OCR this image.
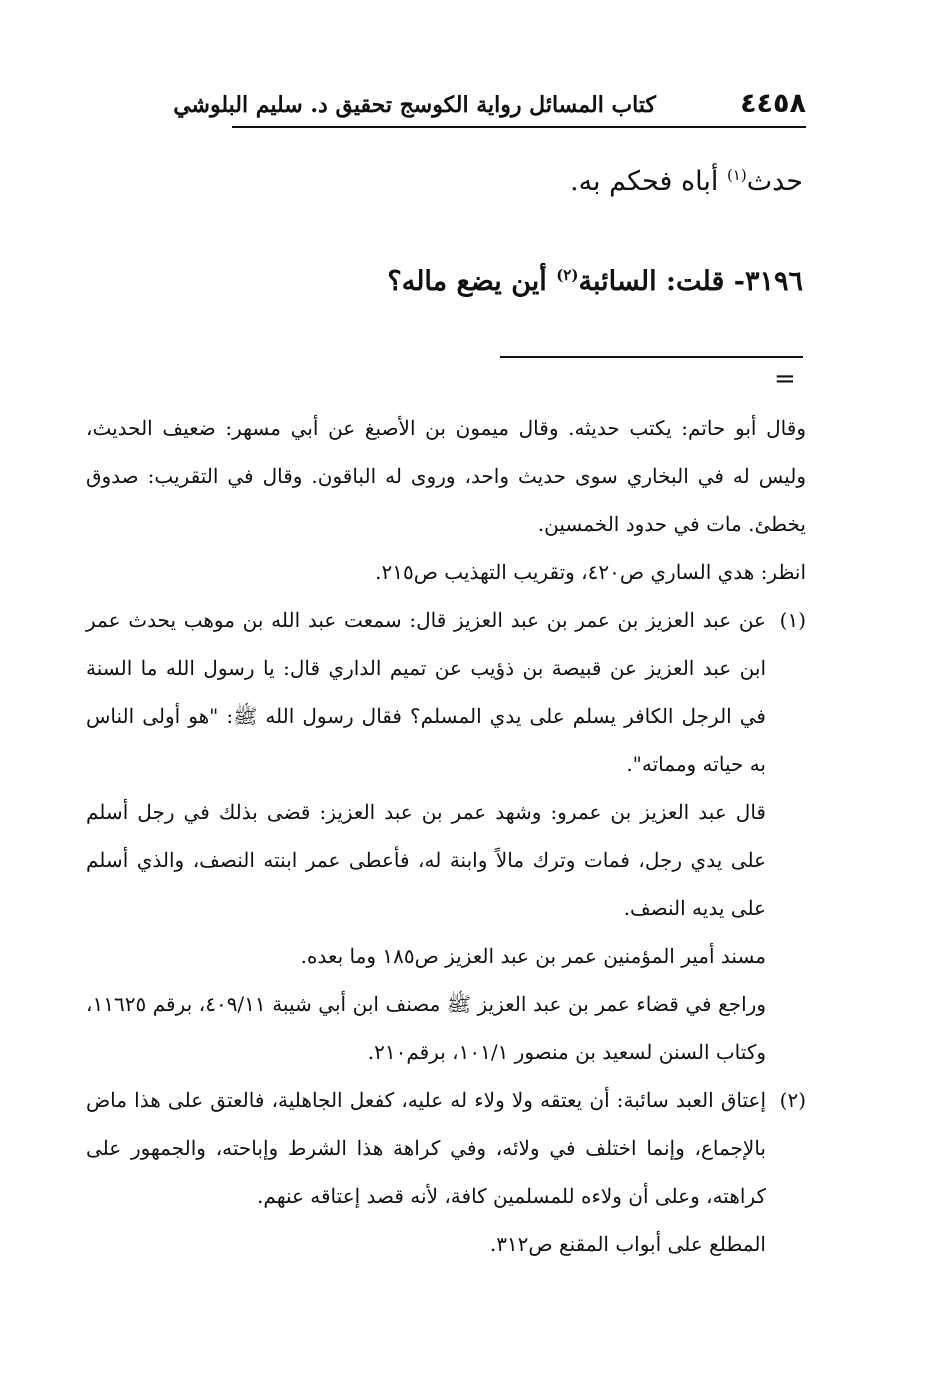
٤٤٥٨
كتاب المسائل رواية الكوسج تحقيق د. سليم البلوشي
حدث$^{(١)}$ أباه فحكم به.
٣١٩٦- قلت: السائبة$^{(٢)}$ أين يضع ماله؟
=

وقال أبو حاتم: يكتب حديثه. وقال ميمون بن الأصبغ عن أبي مسهر: ضعيف الحديث، وليس له في البخاري سوى حديث واحد، وروى له الباقون. وقال في التقريب: صدوق يخطئ. مات في حدود الخمسين.

انظر: هدي الساري ص٤٢٠، وتقريب التهذيب ص٢١٥.

(١)
عن عبد العزيز بن عمر بن عبد العزيز قال: سمعت عبد الله بن موهب يحدث عمر ابن عبد العزيز عن قبيصة بن ذؤيب عن تميم الداري قال: يا رسول الله ما السنة في الرجل الكافر يسلم على يدي المسلم؟ فقال رسول الله ﷺ: "هو أولى الناس به حياته ومماته".

قال عبد العزيز بن عمرو: وشهد عمر بن عبد العزيز: قضى بذلك في رجل أسلم على يدي رجل، فمات وترك مالاً وابنة له، فأعطى عمر ابنته النصف، والذي أسلم على يديه النصف.

مسند أمير المؤمنين عمر بن عبد العزيز ص١٨٥ وما بعده.

وراجع في قضاء عمر بن عبد العزيز ﷺ مصنف ابن أبي شيبة ٤٠٩/١١، برقم ١١٦٢٥، وكتاب السنن لسعيد بن منصور ١٠١/١، برقم٢١٠.

(٢)
إعتاق العبد سائبة: أن يعتقه ولا ولاء له عليه، كفعل الجاهلية، فالعتق على هذا ماض بالإجماع، وإنما اختلف في ولائه، وفي كراهة هذا الشرط وإباحته، والجمهور على كراهته، وعلى أن ولاءه للمسلمين كافة، لأنه قصد إعتاقه عنهم.

المطلع على أبواب المقنع ص٣١٢.
